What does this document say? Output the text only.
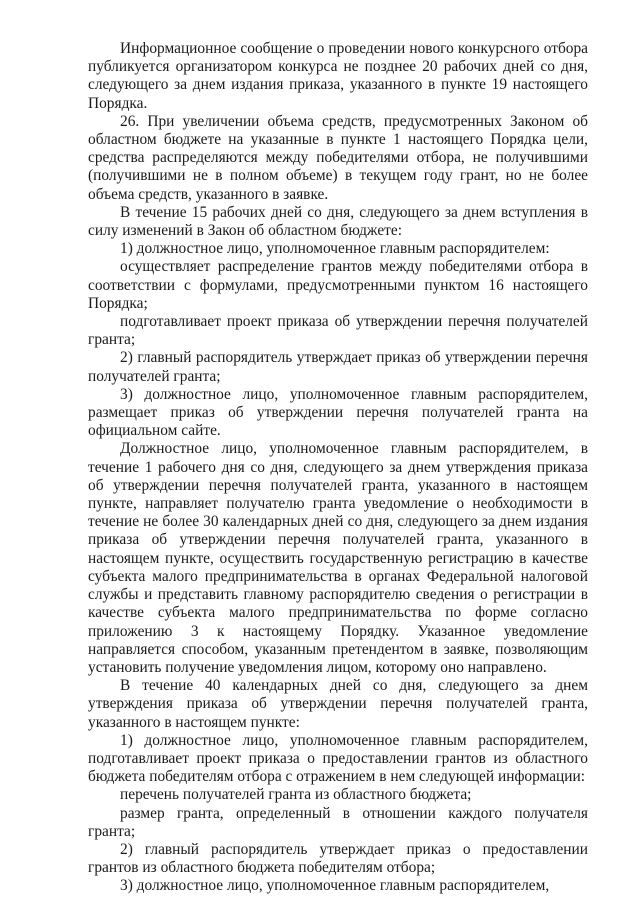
Информационное сообщение о проведении нового конкурсного отбора публикуется организатором конкурса не позднее 20 рабочих дней со дня, следующего за днем издания приказа, указанного в пункте 19 настоящего Порядка.

26. При увеличении объема средств, предусмотренных Законом об областном бюджете на указанные в пункте 1 настоящего Порядка цели, средства распределяются между победителями отбора, не получившими (получившими не в полном объеме) в текущем году грант, но не более объема средств, указанного в заявке.

В течение 15 рабочих дней со дня, следующего за днем вступления в силу изменений в Закон об областном бюджете:

1) должностное лицо, уполномоченное главным распорядителем:

осуществляет распределение грантов между победителями отбора в соответствии с формулами, предусмотренными пунктом 16 настоящего Порядка;

подготавливает проект приказа об утверждении перечня получателей гранта;

2) главный распорядитель утверждает приказ об утверждении перечня получателей гранта;

3) должностное лицо, уполномоченное главным распорядителем, размещает приказ об утверждении перечня получателей гранта на официальном сайте.

Должностное лицо, уполномоченное главным распорядителем, в течение 1 рабочего дня со дня, следующего за днем утверждения приказа об утверждении перечня получателей гранта, указанного в настоящем пункте, направляет получателю гранта уведомление о необходимости в течение не более 30 календарных дней со дня, следующего за днем издания приказа об утверждении перечня получателей гранта, указанного в настоящем пункте, осуществить государственную регистрацию в качестве субъекта малого предпринимательства в органах Федеральной налоговой службы и представить главному распорядителю сведения о регистрации в качестве субъекта малого предпринимательства по форме согласно приложению 3 к настоящему Порядку. Указанное уведомление направляется способом, указанным претендентом в заявке, позволяющим установить получение уведомления лицом, которому оно направлено.

В течение 40 календарных дней со дня, следующего за днем утверждения приказа об утверждении перечня получателей гранта, указанного в настоящем пункте:

1) должностное лицо, уполномоченное главным распорядителем, подготавливает проект приказа о предоставлении грантов из областного бюджета победителям отбора с отражением в нем следующей информации:

перечень получателей гранта из областного бюджета;

размер гранта, определенный в отношении каждого получателя гранта;

2) главный распорядитель утверждает приказ о предоставлении грантов из областного бюджета победителям отбора;

3) должностное лицо, уполномоченное главным распорядителем,
